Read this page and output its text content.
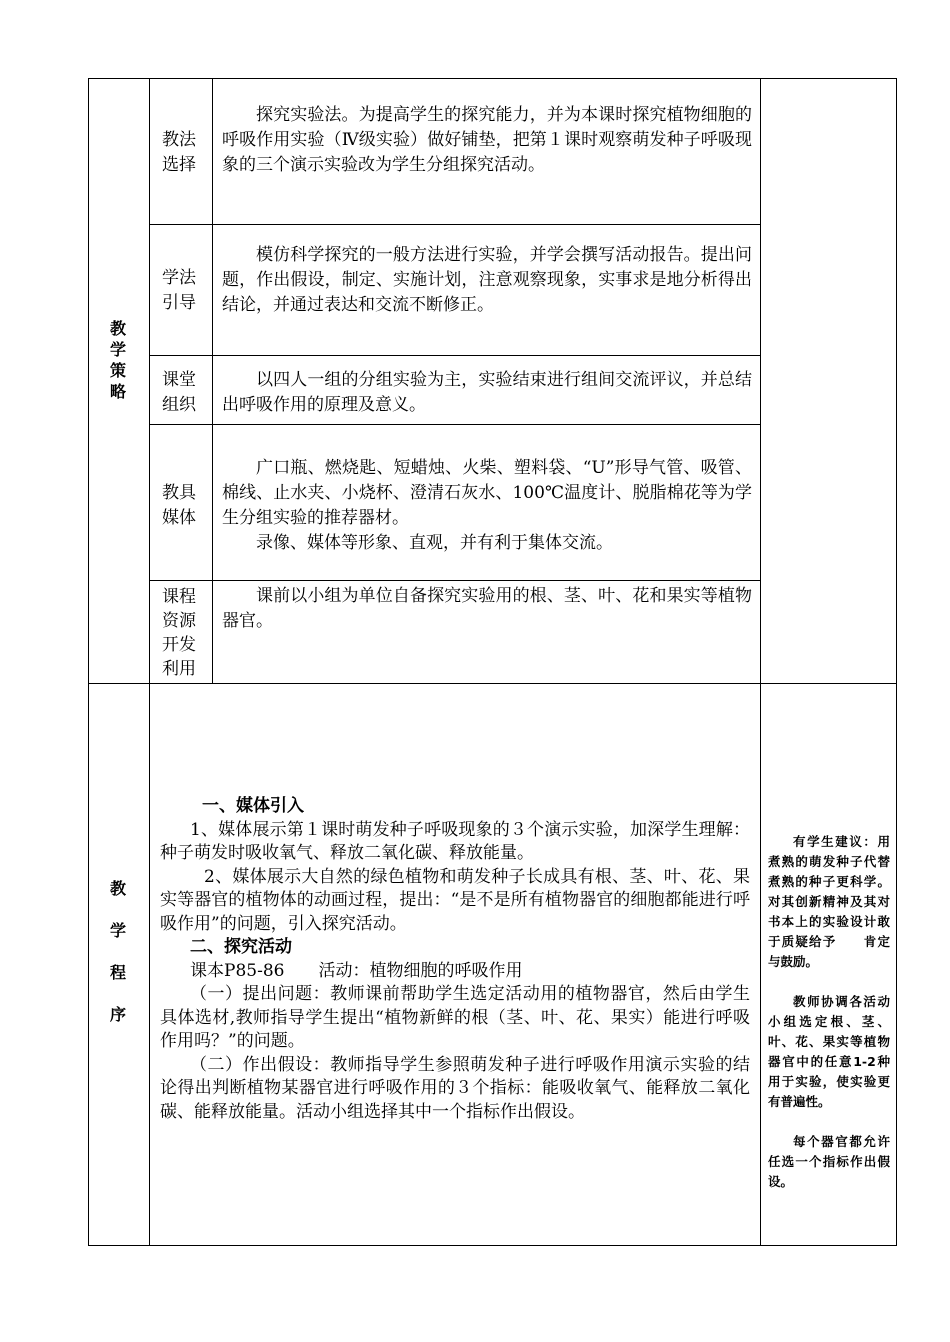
教学策略
教法选择

探究实验法。为提高学生的探究能力，并为本课时探究植物细胞的呼吸作用实验（Ⅳ级实验）做好铺垫，把第１课时观察萌发种子呼吸现象的三个演示实验改为学生分组探究活动。

学法引导

模仿科学探究的一般方法进行实验，并学会撰写活动报告。提出问题，作出假设，制定、实施计划，注意观察现象，实事求是地分析得出结论，并通过表达和交流不断修正。

课堂组织

以四人一组的分组实验为主，实验结束进行组间交流评议，并总结出呼吸作用的原理及意义。

教具媒体

广口瓶、燃烧匙、短蜡烛、火柴、塑料袋、“U”形导气管、吸管、棉线、止水夹、小烧杯、澄清石灰水、100℃温度计、脱脂棉花等为学生分组实验的推荐器材。

录像、媒体等形象、直观，并有利于集体交流。

课程资源开发利用

课前以小组为单位自备探究实验用的根、茎、叶、花和果实等植物器官。

教学程序

一、媒体引入

1、媒体展示第１课时萌发种子呼吸现象的３个演示实验，加深学生理解：种子萌发时吸收氧气、释放二氧化碳、释放能量。

2、媒体展示大自然的绿色植物和萌发种子长成具有根、茎、叶、花、果实等器官的植物体的动画过程，提出：“是不是所有植物器官的细胞都能进行呼吸作用”的问题，引入探究活动。

二、探究活动

课本P85-86　　活动：植物细胞的呼吸作用

（一）提出问题：教师课前帮助学生选定活动用的植物器官，然后由学生具体选材,教师指导学生提出“植物新鲜的根（茎、叶、花、果实）能进行呼吸作用吗？”的问题。

（二）作出假设：教师指导学生参照萌发种子进行呼吸作用演示实验的结论得出判断植物某器官进行呼吸作用的３个指标：能吸收氧气、能释放二氧化碳、能释放能量。活动小组选择其中一个指标作出假设。

有学生建议：用煮熟的萌发种子代替煮熟的种子更科学。对其创新精神及其对书本上的实验设计敢于质疑给予　　肯定与鼓励。

教师协调各活动小组选定根、茎、叶、花、果实等植物器官中的任意1-2种用于实验，使实验更有普遍性。

每个器官都允许任选一个指标作出假设。
